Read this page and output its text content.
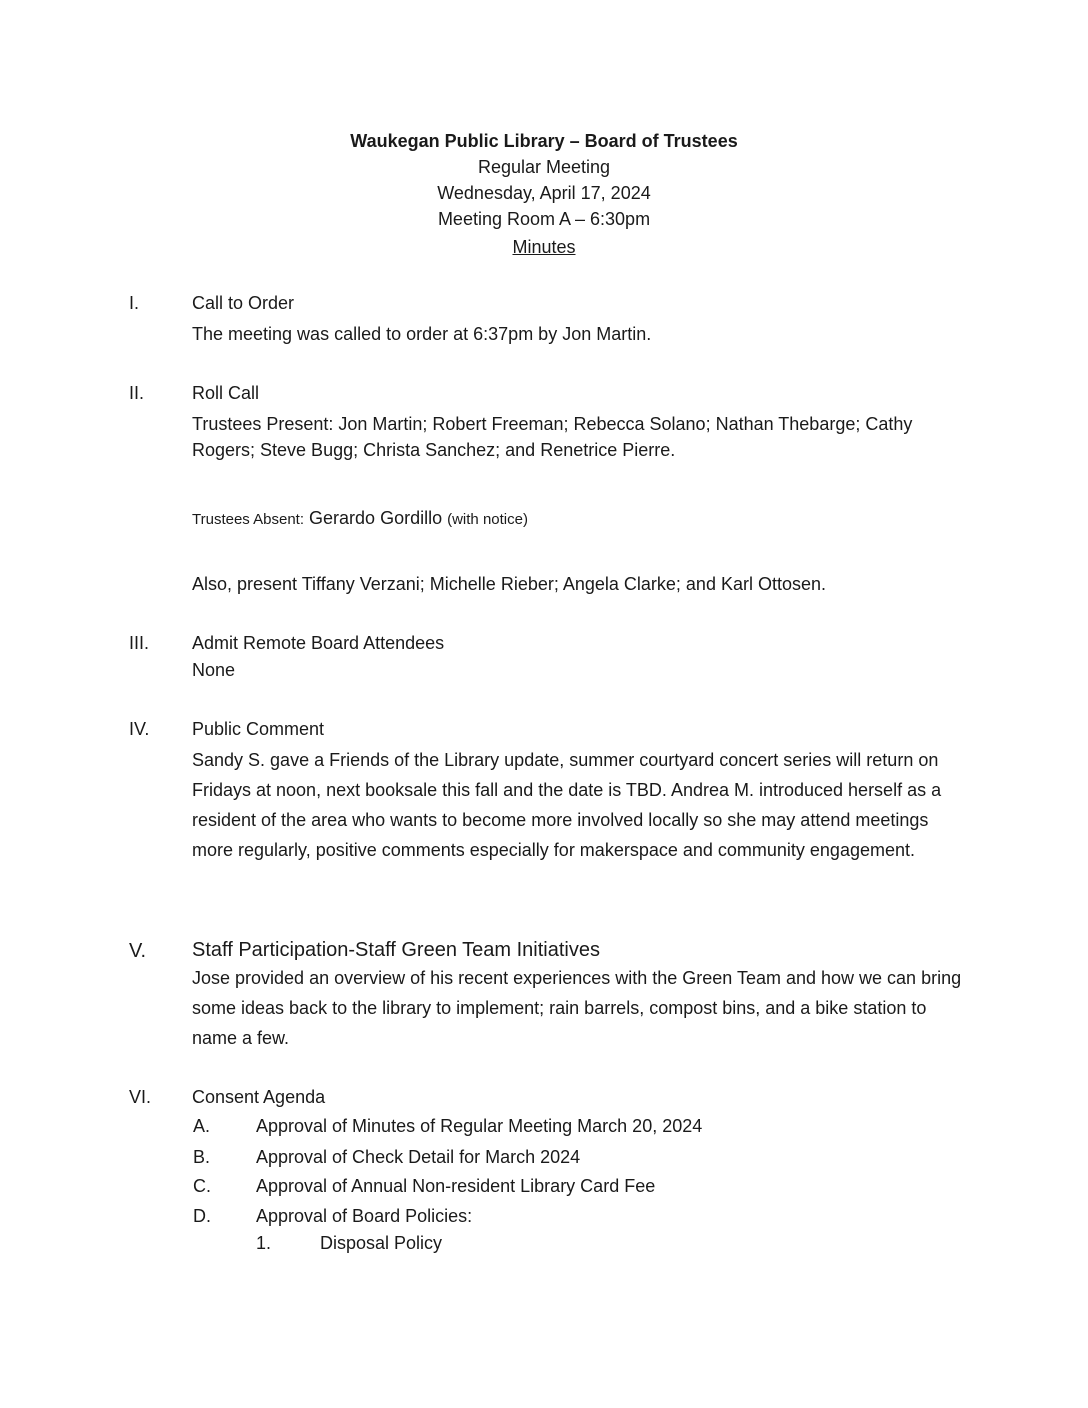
Waukegan Public Library – Board of Trustees
Regular Meeting
Wednesday, April 17, 2024
Meeting Room A – 6:30pm
Minutes
I.	Call to Order
The meeting was called to order at 6:37pm by Jon Martin.
II.	Roll Call
Trustees Present: Jon Martin; Robert Freeman; Rebecca Solano; Nathan Thebarge; Cathy Rogers; Steve Bugg; Christa Sanchez; and Renetrice Pierre.
Trustees Absent: Gerardo Gordillo (with notice)
Also, present Tiffany Verzani; Michelle Rieber; Angela Clarke; and Karl Ottosen.
III. Admit Remote Board Attendees
None
IV. Public Comment
Sandy S. gave a Friends of the Library update, summer courtyard concert series will return on Fridays at noon, next booksale this fall and the date is TBD. Andrea M. introduced herself as a resident of the area who wants to become more involved locally so she may attend meetings more regularly, positive comments especially for makerspace and community engagement.
V. Staff Participation-Staff Green Team Initiatives
Jose provided an overview of his recent experiences with the Green Team and how we can bring some ideas back to the library to implement; rain barrels, compost bins, and a bike station to name a few.
VI. Consent Agenda
A.	Approval of Minutes of Regular Meeting March 20, 2024
B.	Approval of Check Detail for March 2024
C.	Approval of Annual Non-resident Library Card Fee
D.	Approval of Board Policies:
1.	Disposal Policy
